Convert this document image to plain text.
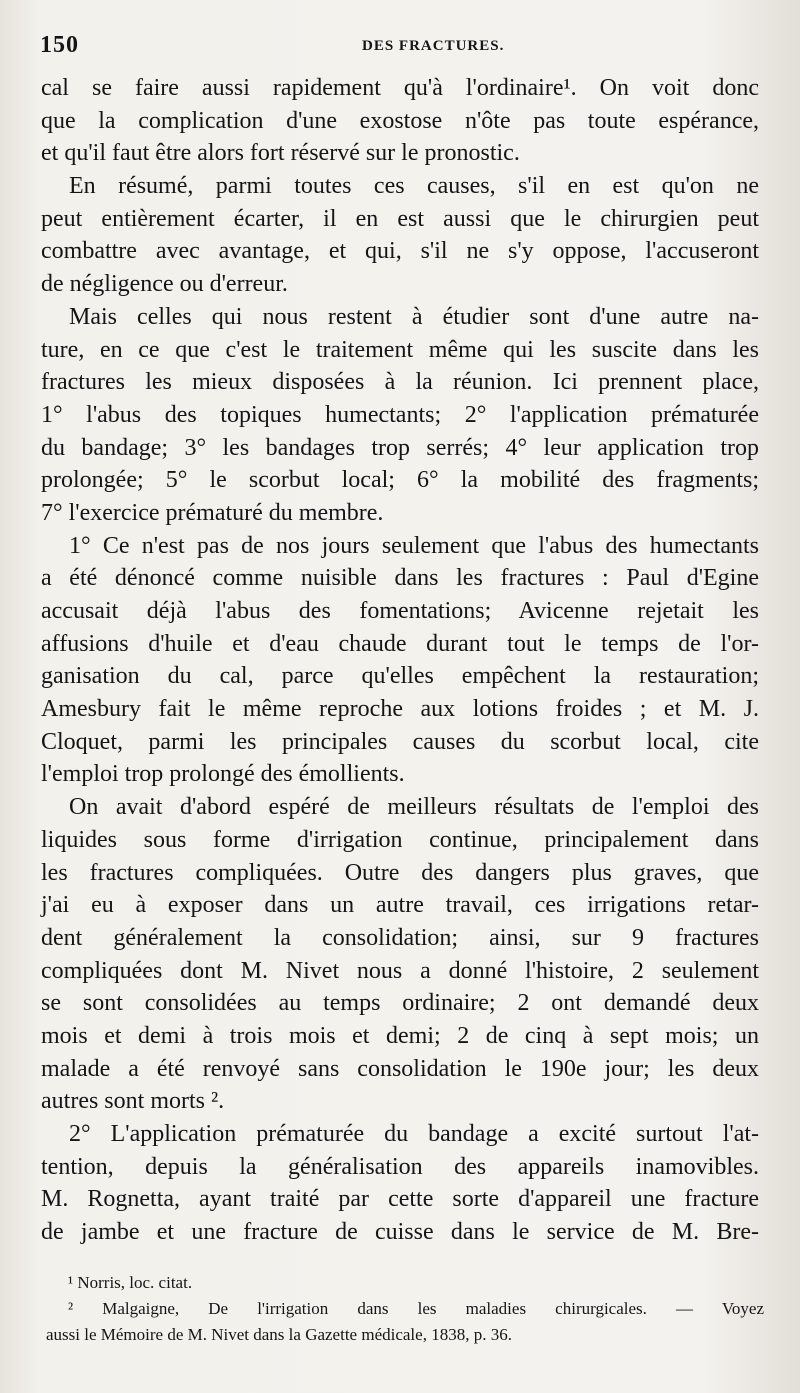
150	DES FRACTURES.
cal se faire aussi rapidement qu'à l'ordinaire¹. On voit donc
que la complication d'une exostose n'ôte pas toute espérance,
et qu'il faut être alors fort réservé sur le pronostic.
En résumé, parmi toutes ces causes, s'il en est qu'on ne
peut entièrement écarter, il en est aussi que le chirurgien peut
combattre avec avantage, et qui, s'il ne s'y oppose, l'accuseront
de négligence ou d'erreur.
Mais celles qui nous restent à étudier sont d'une autre na-
ture, en ce que c'est le traitement même qui les suscite dans les
fractures les mieux disposées à la réunion. Ici prennent place,
1° l'abus des topiques humectants; 2° l'application prématurée
du bandage; 3° les bandages trop serrés; 4° leur application trop
prolongée; 5° le scorbut local; 6° la mobilité des fragments;
7° l'exercice prématuré du membre.
1° Ce n'est pas de nos jours seulement que l'abus des humectants
a été dénoncé comme nuisible dans les fractures : Paul d'Egine
accusait déjà l'abus des fomentations; Avicenne rejetait les
affusions d'huile et d'eau chaude durant tout le temps de l'or-
ganisation du cal, parce qu'elles empêchent la restauration;
Amesbury fait le même reproche aux lotions froides ; et M. J.
Cloquet, parmi les principales causes du scorbut local, cite
l'emploi trop prolongé des émollients.
On avait d'abord espéré de meilleurs résultats de l'emploi des
liquides sous forme d'irrigation continue, principalement dans
les fractures compliquées. Outre des dangers plus graves, que
j'ai eu à exposer dans un autre travail, ces irrigations retar-
dent généralement la consolidation; ainsi, sur 9 fractures
compliquées dont M. Nivet nous a donné l'histoire, 2 seulement
se sont consolidées au temps ordinaire; 2 ont demandé deux
mois et demi à trois mois et demi; 2 de cinq à sept mois; un
malade a été renvoyé sans consolidation le 190e jour; les deux
autres sont morts ².
2° L'application prématurée du bandage a excité surtout l'at-
tention, depuis la généralisation des appareils inamovibles.
M. Rognetta, ayant traité par cette sorte d'appareil une fracture
de jambe et une fracture de cuisse dans le service de M. Bre-
¹ Norris, loc. citat.
² Malgaigne, De l'irrigation dans les maladies chirurgicales. — Voyez
aussi le Mémoire de M. Nivet dans la Gazette médicale, 1838, p. 36.
